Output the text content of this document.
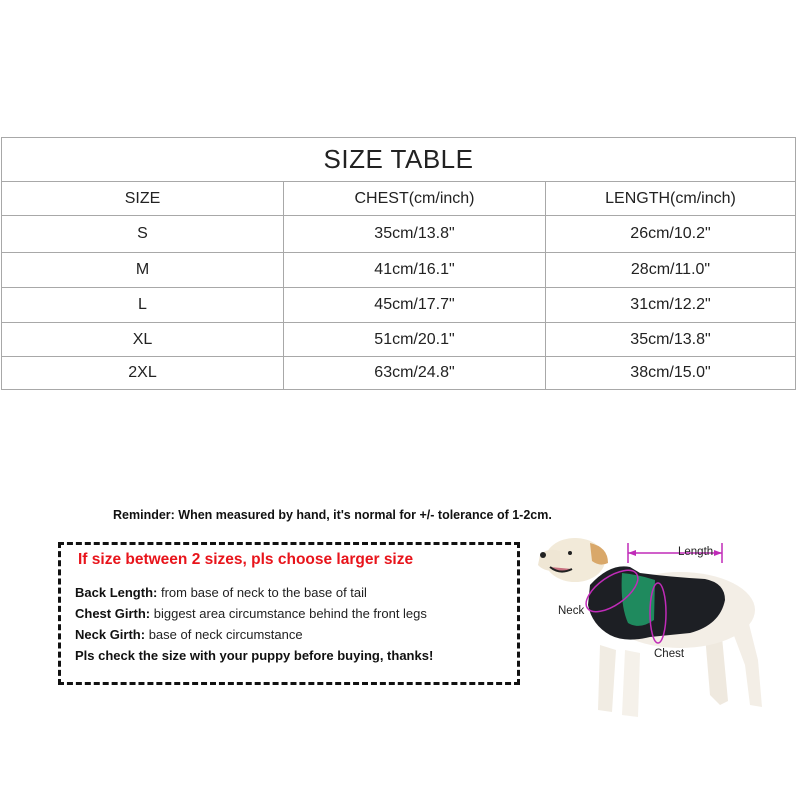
SIZE TABLE		
SIZE	CHEST(cm/inch)	LENGTH(cm/inch)
S	35cm/13.8"	26cm/10.2"
M	41cm/16.1"	28cm/11.0"
L	45cm/17.7"	31cm/12.2"
XL	51cm/20.1"	35cm/13.8"
2XL	63cm/24.8"	38cm/15.0"
Reminder: When measured by hand, it's normal for +/- tolerance of 1-2cm.
If size between 2 sizes, pls choose larger size
Back Length: from base of neck to the base of tail
Chest Girth: biggest area circumstance behind the front legs
Neck Girth: base of neck circumstance
Pls check the size with your puppy before buying, thanks!
Length
Neck
Chest
